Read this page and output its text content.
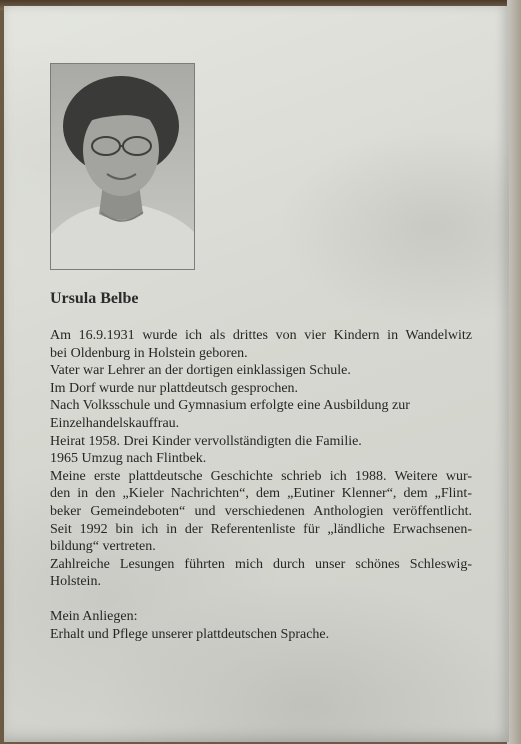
Ursula Belbe

Am 16.9.1931 wurde ich als drittes von vier Kindern in Wandelwitz
bei Oldenburg in Holstein geboren.
Vater war Lehrer an der dortigen einklassigen Schule.
Im Dorf wurde nur plattdeutsch gesprochen.
Nach Volksschule und Gymnasium erfolgte eine Ausbildung zur
Einzelhandelskauffrau.
Heirat 1958. Drei Kinder vervollständigten die Familie.
1965 Umzug nach Flintbek.
Meine erste plattdeutsche Geschichte schrieb ich 1988. Weitere wur-
den in den „Kieler Nachrichten“, dem „Eutiner Klenner“, dem „Flint-
beker Gemeindeboten“ und verschiedenen Anthologien veröffentlicht.
Seit 1992 bin ich in der Referentenliste für „ländliche Erwachsenen-
bildung“ vertreten.
Zahlreiche Lesungen führten mich durch unser schönes Schleswig-
Holstein.

Mein Anliegen:

Erhalt und Pflege unserer plattdeutschen Sprache.
